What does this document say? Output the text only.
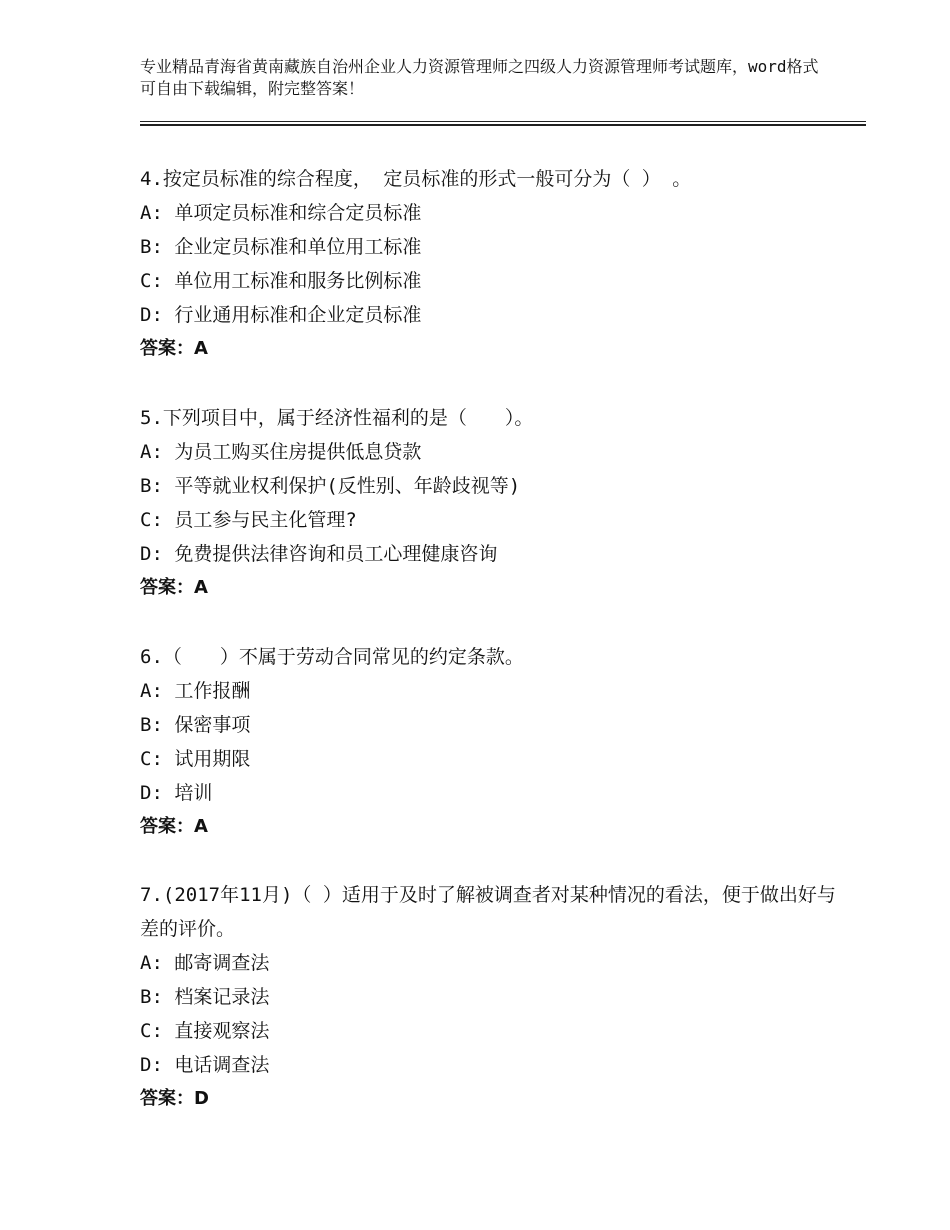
专业精品青海省黄南藏族自治州企业人力资源管理师之四级人力资源管理师考试题库，word格式可自由下载编辑，附完整答案！
4.按定员标准的综合程度， 定员标准的形式一般可分为（ ） 。
A: 单项定员标准和综合定员标准
B: 企业定员标准和单位用工标准
C: 单位用工标准和服务比例标准
D: 行业通用标准和企业定员标准
答案：A
5.下列项目中，属于经济性福利的是（　　）。
A: 为员工购买住房提供低息贷款
B: 平等就业权利保护(反性别、年龄歧视等)
C: 员工参与民主化管理?
D: 免费提供法律咨询和员工心理健康咨询
答案：A
6.（　　）不属于劳动合同常见的约定条款。
A: 工作报酬
B: 保密事项
C: 试用期限
D: 培训
答案：A
7.(2017年11月)（ ）适用于及时了解被调查者对某种情况的看法，便于做出好与差的评价。
A: 邮寄调查法
B: 档案记录法
C: 直接观察法
D: 电话调查法
答案：D
